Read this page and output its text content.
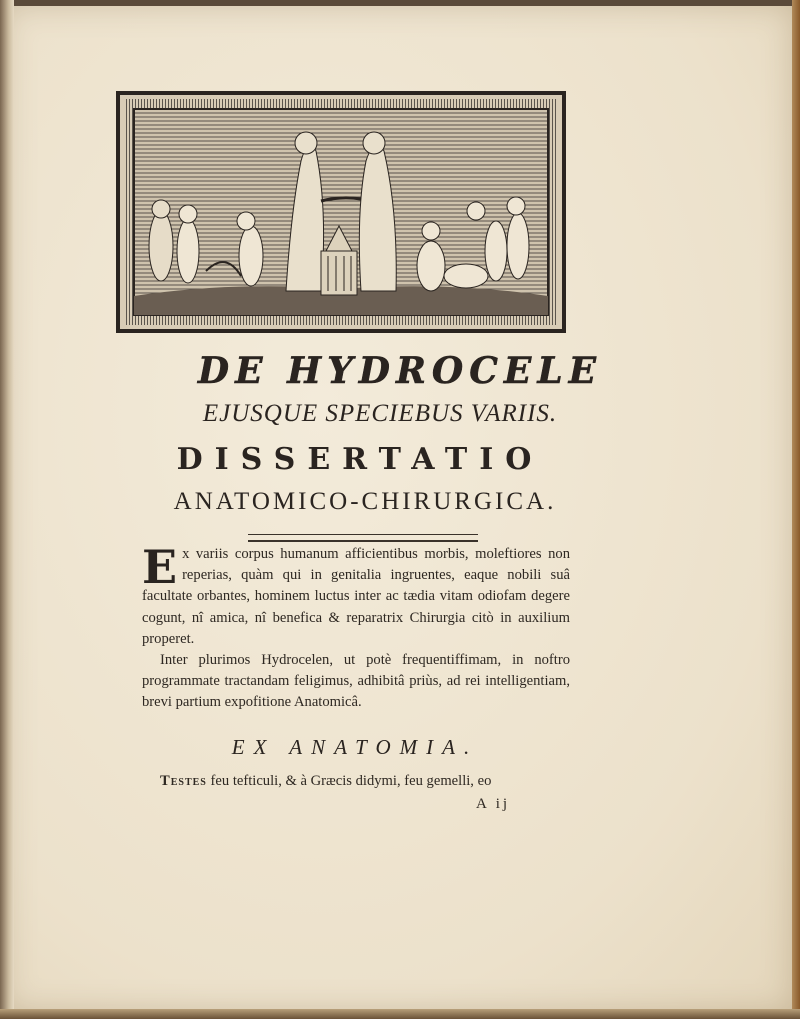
DE HYDROCELE
EJUSQUE SPECIEBUS VARIIS.
DISSERTATIO
ANATOMICO-CHIRURGICA.

Ex variis corpus humanum afficientibus morbis, moleftiores non reperias, quàm qui in genitalia ingruentes, eaque nobili suâ facultate orbantes, hominem luctus inter ac tædia vitam odiofam degere cogunt, nî amica, nî benefica & reparatrix Chirurgia citò in auxilium properet.

Inter plurimos Hydrocelen, ut potè frequentiffimam, in noftro programmate tractandam feligimus, adhibitâ priùs, ad rei intelligentiam, brevi partium expofitione Anatomicâ.

EX ANATOMIA.
Testes feu tefticuli, & à Græcis didymi, feu gemelli, eo
A ij
